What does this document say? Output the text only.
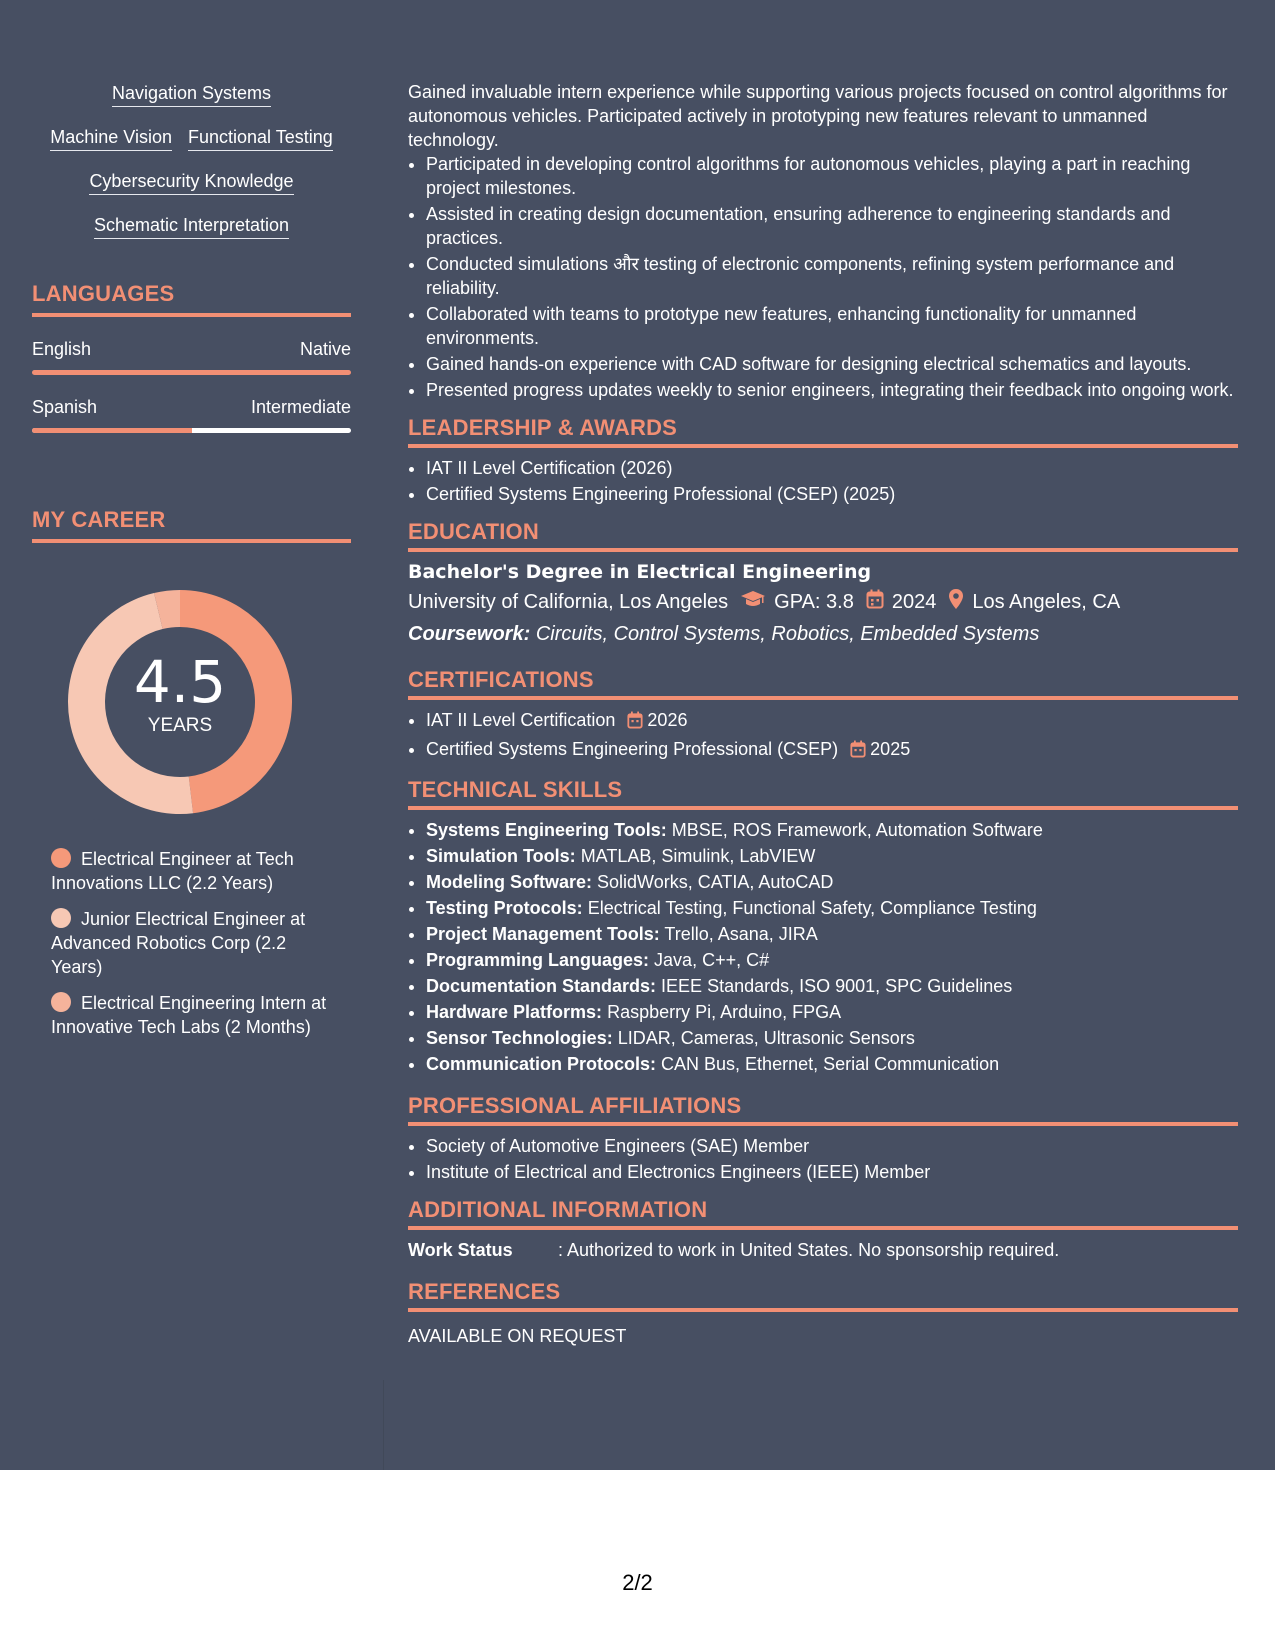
Navigation Systems
Machine Vision Functional Testing
Cybersecurity Knowledge
Schematic Interpretation
LANGUAGES
English	Native
Spanish	Intermediate
MY CAREER
4.5
YEARS
Electrical Engineer at Tech Innovations LLC (2.2 Years)
Junior Electrical Engineer at Advanced Robotics Corp (2.2 Years)
Electrical Engineering Intern at Innovative Tech Labs (2 Months)

Gained invaluable intern experience while supporting various projects focused on control algorithms for autonomous vehicles. Participated actively in prototyping new features relevant to unmanned technology.

• Participated in developing control algorithms for autonomous vehicles, playing a part in reaching project milestones.
• Assisted in creating design documentation, ensuring adherence to engineering standards and practices.
• Conducted simulations और testing of electronic components, refining system performance and reliability.
• Collaborated with teams to prototype new features, enhancing functionality for unmanned environments.
• Gained hands-on experience with CAD software for designing electrical schematics and layouts.
• Presented progress updates weekly to senior engineers, integrating their feedback into ongoing work.
LEADERSHIP & AWARDS
• IAT II Level Certification (2026)
• Certified Systems Engineering Professional (CSEP) (2025)
EDUCATION
Bachelor's Degree in Electrical Engineering
University of California, Los Angeles GPA: 3.8 2024 Los Angeles, CA
Coursework: Circuits, Control Systems, Robotics, Embedded Systems
CERTIFICATIONS
• IAT II Level Certification 2026
• Certified Systems Engineering Professional (CSEP) 2025
TECHNICAL SKILLS
• Systems Engineering Tools: MBSE, ROS Framework, Automation Software
• Simulation Tools: MATLAB, Simulink, LabVIEW
• Modeling Software: SolidWorks, CATIA, AutoCAD
• Testing Protocols: Electrical Testing, Functional Safety, Compliance Testing
• Project Management Tools: Trello, Asana, JIRA
• Programming Languages: Java, C++, C#
• Documentation Standards: IEEE Standards, ISO 9001, SPC Guidelines
• Hardware Platforms: Raspberry Pi, Arduino, FPGA
• Sensor Technologies: LIDAR, Cameras, Ultrasonic Sensors
• Communication Protocols: CAN Bus, Ethernet, Serial Communication
PROFESSIONAL AFFILIATIONS
• Society of Automotive Engineers (SAE) Member
• Institute of Electrical and Electronics Engineers (IEEE) Member
ADDITIONAL INFORMATION
Work Status	: Authorized to work in United States. No sponsorship required.
REFERENCES
AVAILABLE ON REQUEST
2/2
